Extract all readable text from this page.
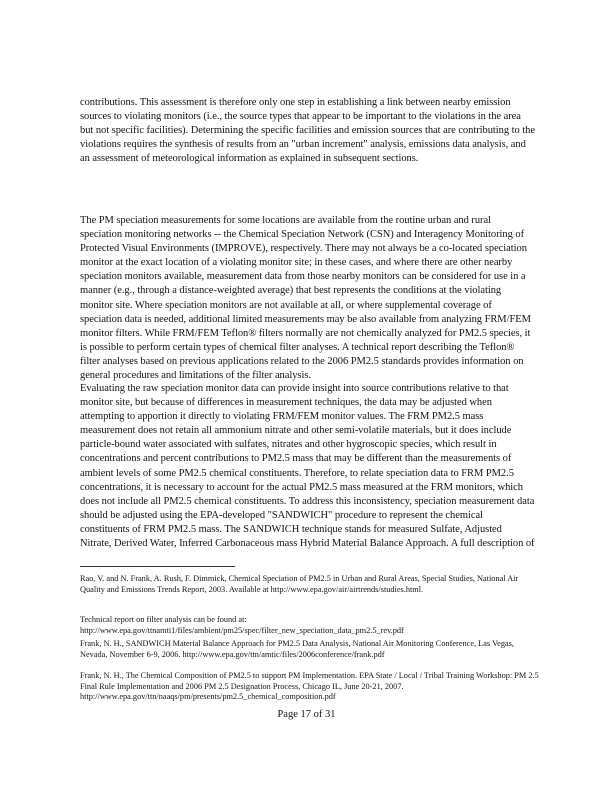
contributions. This assessment is therefore only one step in establishing a link between nearby emission sources to violating monitors (i.e., the source types that appear to be important to the violations in the area but not specific facilities). Determining the specific facilities and emission sources that are contributing to the violations requires the synthesis of results from an "urban increment" analysis, emissions data analysis, and an assessment of meteorological information as explained in subsequent sections.

The PM speciation measurements for some locations are available from the routine urban and rural speciation monitoring networks -- the Chemical Speciation Network (CSN) and Interagency Monitoring of Protected Visual Environments (IMPROVE), respectively. There may not always be a co-located speciation monitor at the exact location of a violating monitor site; in these cases, and where there are other nearby speciation monitors available, measurement data from those nearby monitors can be considered for use in a manner (e.g., through a distance-weighted average) that best represents the conditions at the violating monitor site. Where speciation monitors are not available at all, or where supplemental coverage of speciation data is needed, additional limited measurements may be also available from analyzing FRM/FEM monitor filters. While FRM/FEM Teflon® filters normally are not chemically analyzed for PM2.5 species, it is possible to perform certain types of chemical filter analyses. A technical report describing the Teflon® filter analyses based on previous applications related to the 2006 PM2.5 standards provides information on general procedures and limitations of the filter analysis.

Evaluating the raw speciation monitor data can provide insight into source contributions relative to that monitor site, but because of differences in measurement techniques, the data may be adjusted when attempting to apportion it directly to violating FRM/FEM monitor values. The FRM PM2.5 mass measurement does not retain all ammonium nitrate and other semi-volatile materials, but it does include particle-bound water associated with sulfates, nitrates and other hygroscopic species, which result in concentrations and percent contributions to PM2.5 mass that may be different than the measurements of ambient levels of some PM2.5 chemical constituents. Therefore, to relate speciation data to FRM PM2.5 concentrations, it is necessary to account for the actual PM2.5 mass measured at the FRM monitors, which does not include all PM2.5 chemical constituents. To address this inconsistency, speciation measurement data should be adjusted using the EPA-developed "SANDWICH" procedure to represent the chemical constituents of FRM PM2.5 mass. The SANDWICH technique stands for measured Sulfate, Adjusted Nitrate, Derived Water, Inferred Carbonaceous mass Hybrid Material Balance Approach. A full description of

Rao, V. and N. Frank, A. Rush, F. Dimmick, Chemical Speciation of PM2.5 in Urban and Rural Areas, Special Studies, National Air Quality and Emissions Trends Report, 2003. Available at http://www.epa.gov/air/airtrends/studies.html.

Technical report on filter analysis can be found at: http://www.epa.gov/ttnamti1/files/ambient/pm25/spec/filter_new_speciation_data_pm2.5_rev.pdf

Frank, N. H., SANDWICH Material Balance Approach for PM2.5 Data Analysis, National Air Monitoring Conference, Las Vegas, Nevada, November 6-9, 2006. http://www.epa.gov/ttn/amtic/files/2006conference/frank.pdf

Frank, N. H., The Chemical Composition of PM2.5 to support PM Implementation. EPA State / Local / Tribal Training Workshop: PM 2.5 Final Rule Implementation and 2006 PM 2.5 Designation Process, Chicago IL, June 20-21, 2007. http://www.epa.gov/ttn/naaqs/pm/presents/pm2.5_chemical_composition.pdf

Page 17 of 31
